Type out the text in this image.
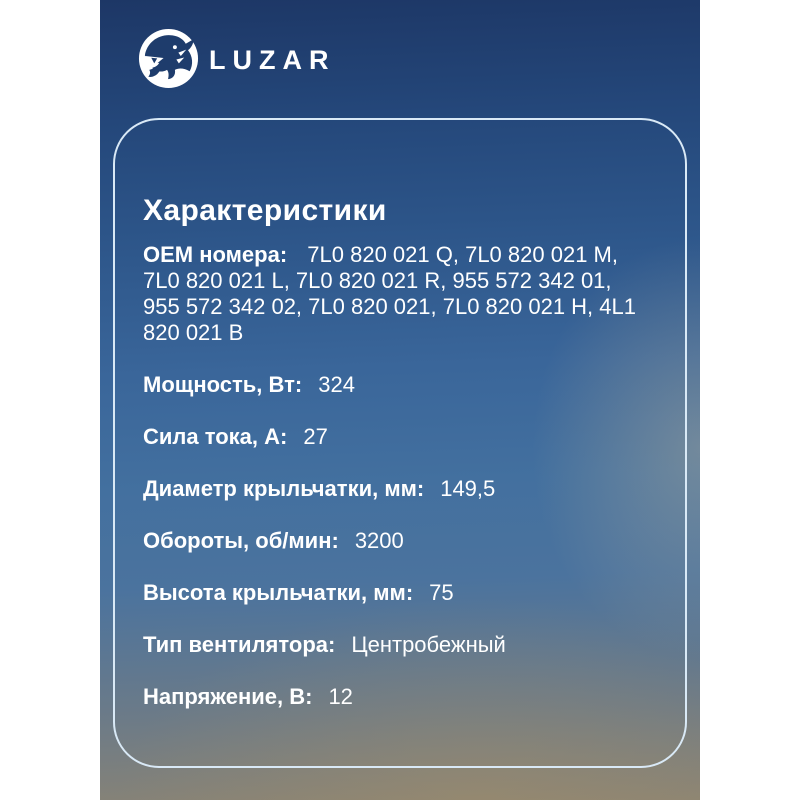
LUZAR
Характеристики

OEM номера: 7L0 820 021 Q, 7L0 820 021 M,
7L0 820 021 L, 7L0 820 021 R, 955 572 342 01,
955 572 342 02, 7L0 820 021, 7L0 820 021 H, 4L1
820 021 B

Мощность, Вт: 324
Сила тока, А: 27
Диаметр крыльчатки, мм: 149,5
Обороты, об/мин: 3200
Высота крыльчатки, мм: 75
Тип вентилятора: Центробежный
Напряжение, В: 12
